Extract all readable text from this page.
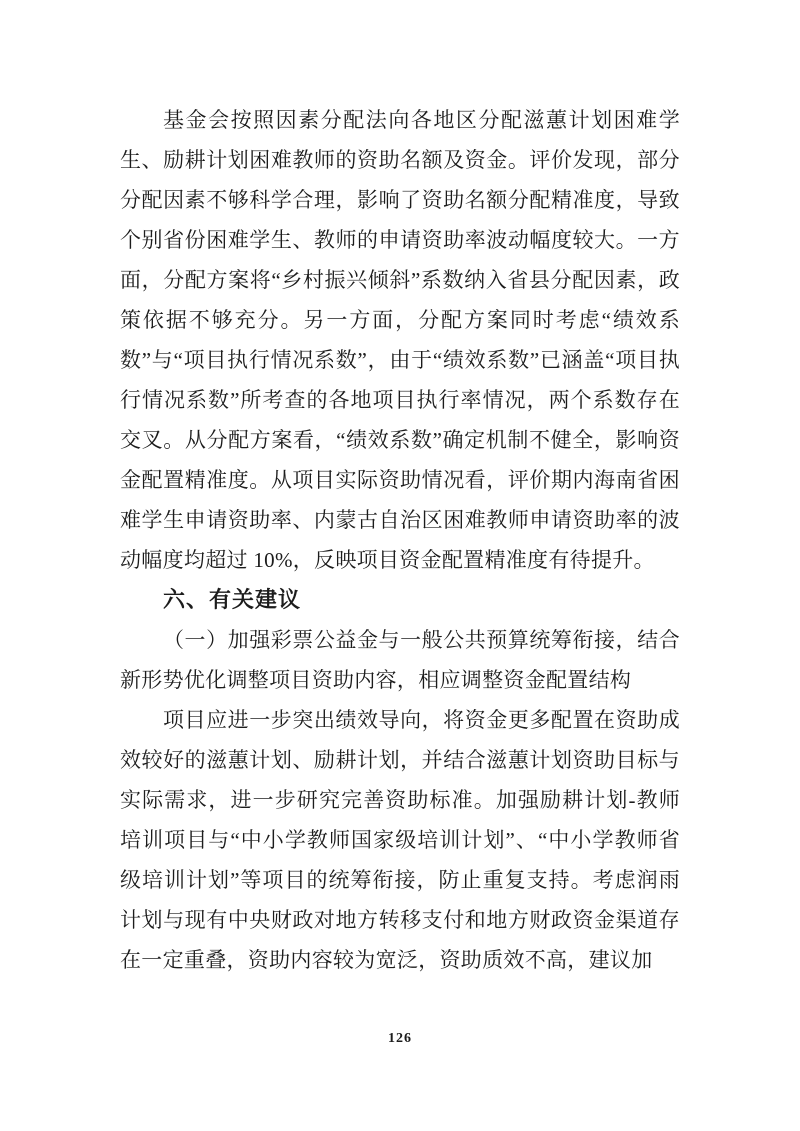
基金会按照因素分配法向各地区分配滋蕙计划困难学生、励耕计划困难教师的资助名额及资金。评价发现，部分分配因素不够科学合理，影响了资助名额分配精准度，导致个别省份困难学生、教师的申请资助率波动幅度较大。一方面，分配方案将“乡村振兴倾斜”系数纳入省县分配因素，政策依据不够充分。另一方面，分配方案同时考虑“绩效系数”与“项目执行情况系数”，由于“绩效系数”已涵盖“项目执行情况系数”所考查的各地项目执行率情况，两个系数存在交叉。从分配方案看，“绩效系数”确定机制不健全，影响资金配置精准度。从项目实际资助情况看，评价期内海南省困难学生申请资助率、内蒙古自治区困难教师申请资助率的波动幅度均超过 10%，反映项目资金配置精准度有待提升。

六、有关建议

（一）加强彩票公益金与一般公共预算统筹衔接，结合新形势优化调整项目资助内容，相应调整资金配置结构

项目应进一步突出绩效导向，将资金更多配置在资助成效较好的滋蕙计划、励耕计划，并结合滋蕙计划资助目标与实际需求，进一步研究完善资助标准。加强励耕计划-教师培训项目与“中小学教师国家级培训计划”、“中小学教师省级培训计划”等项目的统筹衔接，防止重复支持。考虑润雨计划与现有中央财政对地方转移支付和地方财政资金渠道存在一定重叠，资助内容较为宽泛，资助质效不高，建议加

126
